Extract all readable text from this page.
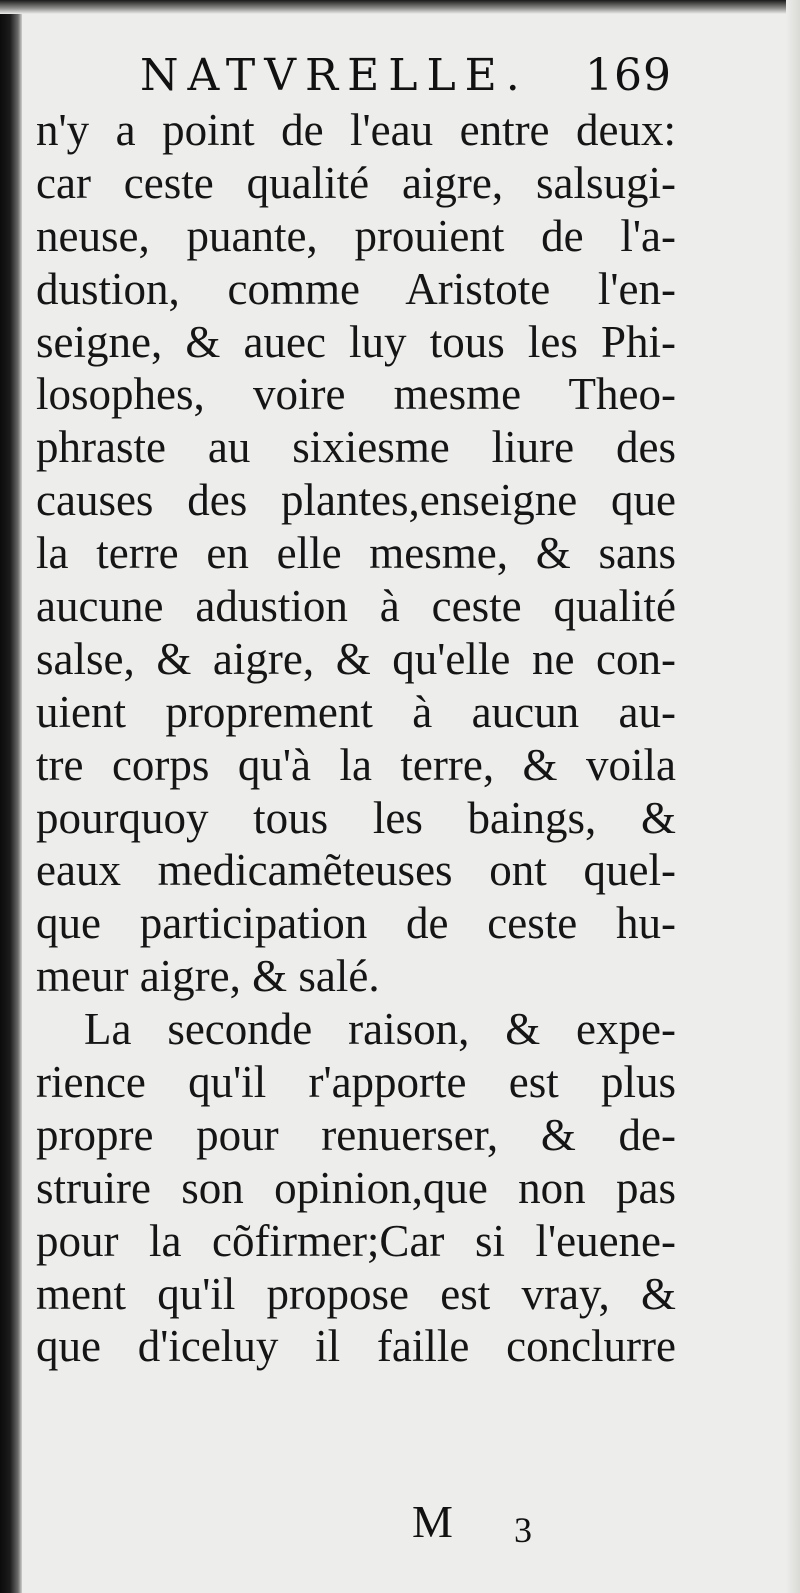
NATVRELLE. 169
n'y a point de l'eau entre deux:
car ceste qualité aigre, salsugi-
neuse, puante, prouient de l'a-
dustion, comme Aristote l'en-
seigne, & auec luy tous les Phi-
losophes, voire mesme Theo-
phraste au sixiesme liure des
causes des plantes,enseigne que
la terre en elle mesme, & sans
aucune adustion à ceste qualité
salse, & aigre, & qu'elle ne con-
uient proprement à aucun au-
tre corps qu'à la terre, & voila
pourquoy tous les baings, &
eaux medicamẽteuses ont quel-
que participation de ceste hu-
meur aigre, & salé.
La seconde raison, & expe-
rience qu'il r'apporte est plus
propre pour renuerser, & de-
struire son opinion,que non pas
pour la cõfirmer;Car si l'euene-
ment qu'il propose est vray, &
que d'iceluy il faille conclurre
M 3
